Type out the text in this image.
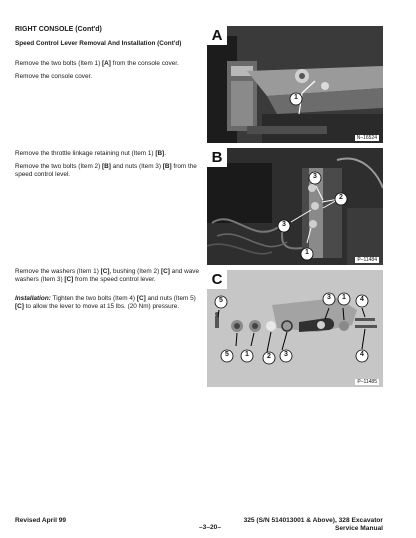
RIGHT CONSOLE (Cont'd)
Speed Control Lever Removal And Installation (Cont'd)
Remove the two bolts (Item 1) [A] from the console cover.
Remove the console cover.
Remove the throttle linkage retaining nut (Item 1) [B].
Remove the two bolts (Item 2) [B] and nuts (Item 3) [B] from the speed control level.
Remove the washers (Item 1) [C], bushing (Item 2) [C] and wave washers (Item 3) [C] from the speed control lever.
Installation: Tighten the two bolts (Item 4) [C] and nuts (Item 5) [C] to allow the lever to move at 15 lbs. (20 Nm) pressure.
A
1
N–16524
B
3
2
3
1
P–11484
C
5	3	1	4
5	1	2	3	4
P–11485
Revised April 99
–3–20–
325 (S/N 514013001 & Above), 328 Excavator
Service Manual
